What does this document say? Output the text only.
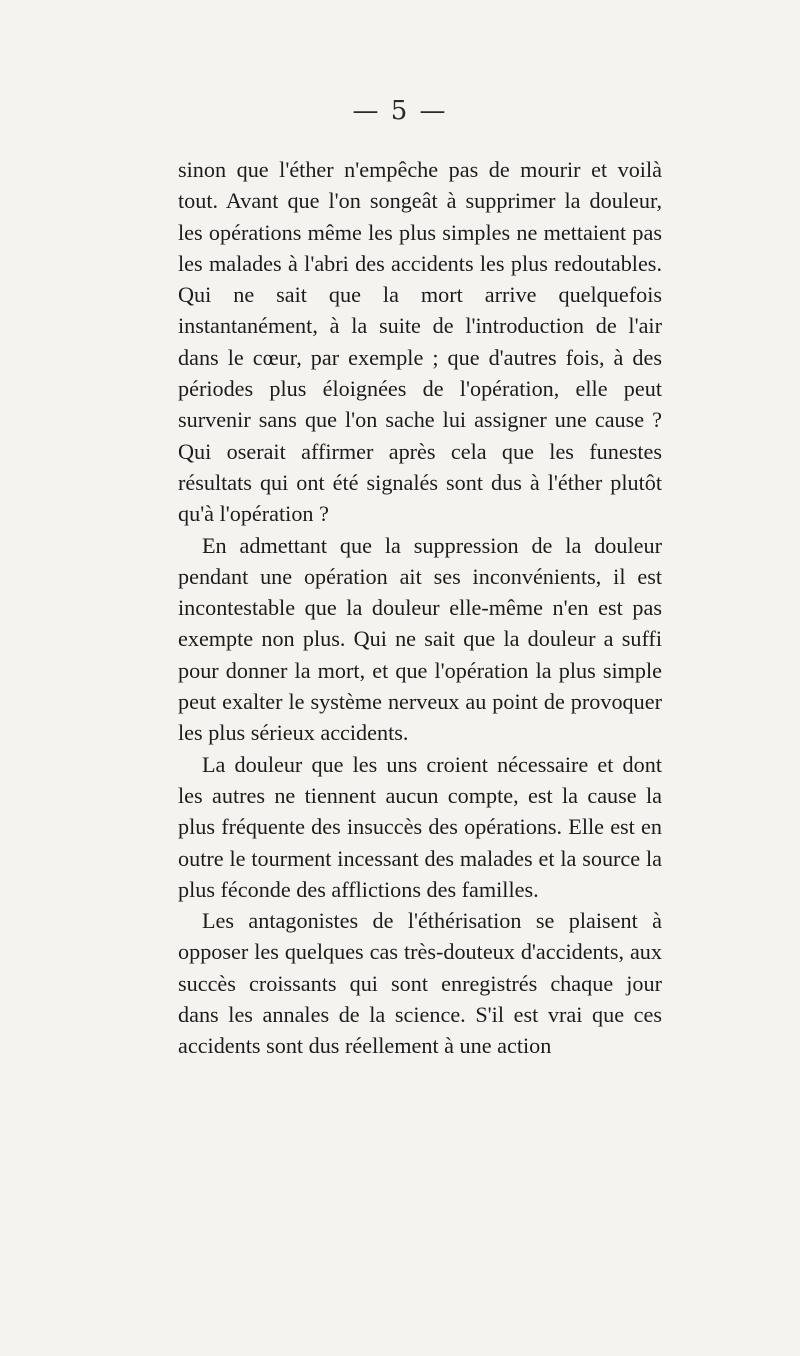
— 5 —

sinon que l'éther n'empêche pas de mourir et voilà tout. Avant que l'on songeât à supprimer la douleur, les opérations même les plus simples ne mettaient pas les malades à l'abri des accidents les plus redoutables. Qui ne sait que la mort arrive quelquefois instantanément, à la suite de l'introduction de l'air dans le cœur, par exemple ; que d'autres fois, à des périodes plus éloignées de l'opération, elle peut survenir sans que l'on sache lui assigner une cause ? Qui oserait affirmer après cela que les funestes résultats qui ont été signalés sont dus à l'éther plutôt qu'à l'opération ?

En admettant que la suppression de la douleur pendant une opération ait ses inconvénients, il est incontestable que la douleur elle-même n'en est pas exempte non plus. Qui ne sait que la douleur a suffi pour donner la mort, et que l'opération la plus simple peut exalter le système nerveux au point de provoquer les plus sérieux accidents.

La douleur que les uns croient nécessaire et dont les autres ne tiennent aucun compte, est la cause la plus fréquente des insuccès des opérations. Elle est en outre le tourment incessant des malades et la source la plus féconde des afflictions des familles.

Les antagonistes de l'éthérisation se plaisent à opposer les quelques cas très-douteux d'accidents, aux succès croissants qui sont enregistrés chaque jour dans les annales de la science. S'il est vrai que ces accidents sont dus réellement à une action
